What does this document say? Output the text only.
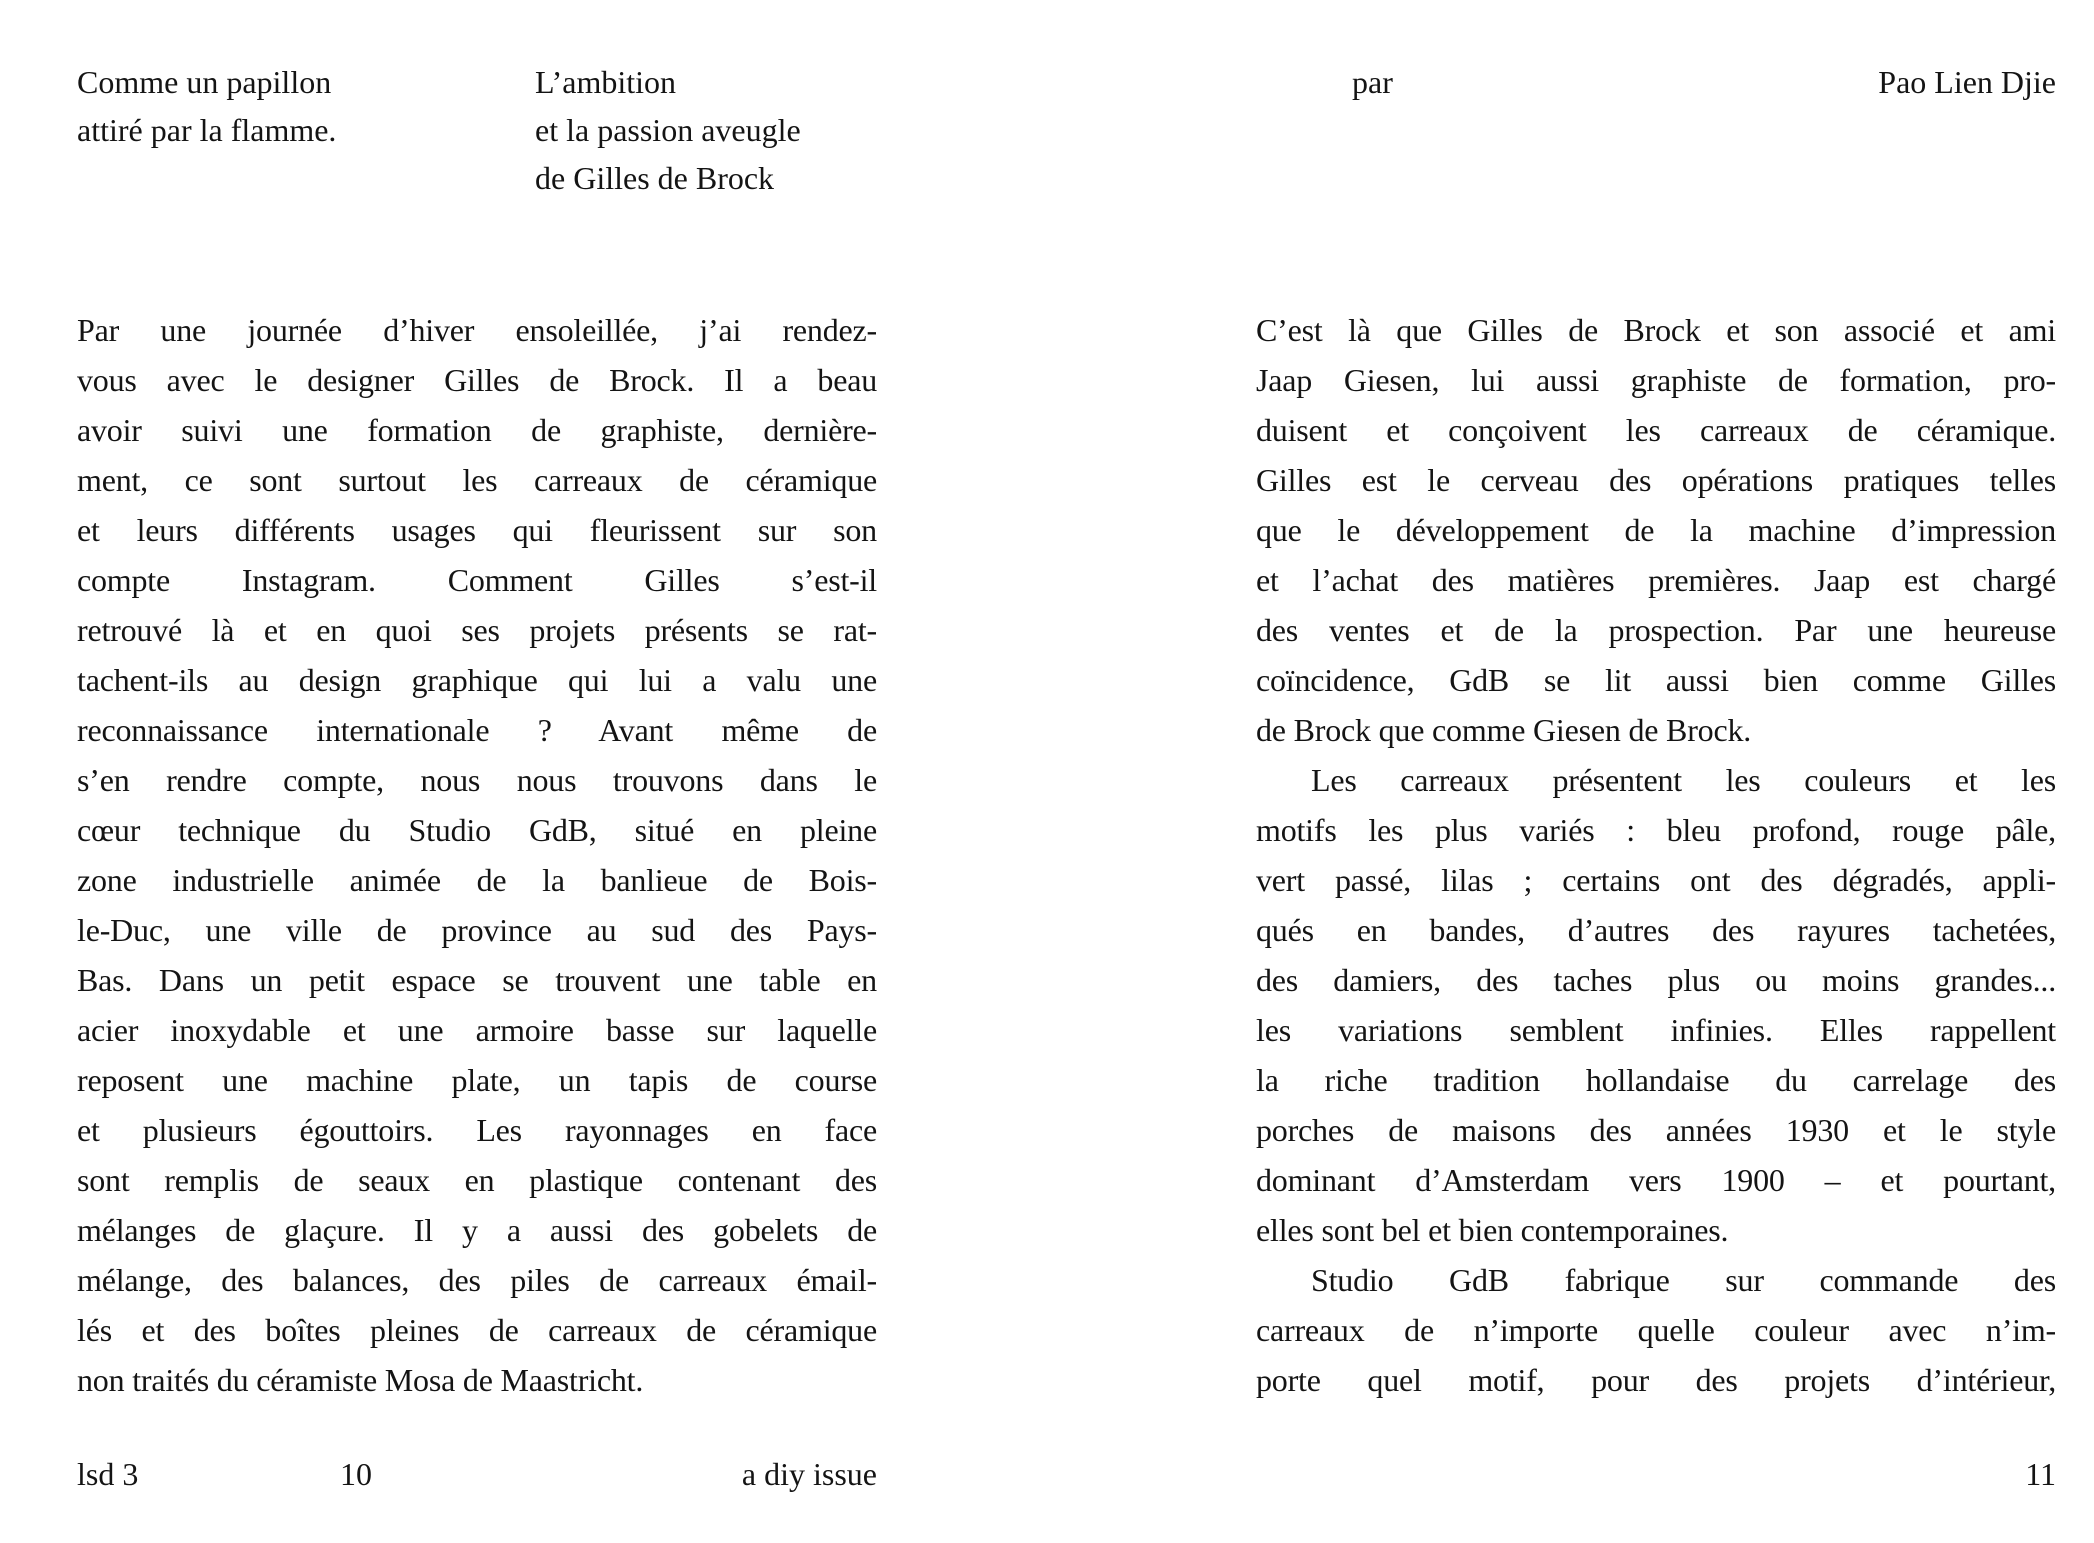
Comme un papillon
attiré par la flamme.
L’ambition
et la passion aveugle
de Gilles de Brock
par	Pao Lien Djie
Par une journée d’hiver ensoleillée, j’ai rendez-
vous avec le designer Gilles de Brock. Il a beau
avoir suivi une formation de graphiste, dernière-
ment, ce sont surtout les carreaux de céramique
et leurs différents usages qui fleurissent sur son
compte Instagram. Comment Gilles s’est-il
retrouvé là et en quoi ses projets présents se rat-
tachent-ils au design graphique qui lui a valu une
reconnaissance internationale ? Avant même de
s’en rendre compte, nous nous trouvons dans le
cœur technique du Studio GdB, situé en pleine
zone industrielle animée de la banlieue de Bois-
le-Duc, une ville de province au sud des Pays-
Bas. Dans un petit espace se trouvent une table en
acier inoxydable et une armoire basse sur laquelle
reposent une machine plate, un tapis de course
et plusieurs égouttoirs. Les rayonnages en face
sont remplis de seaux en plastique contenant des
mélanges de glaçure. Il y a aussi des gobelets de
mélange, des balances, des piles de carreaux émail-
lés et des boîtes pleines de carreaux de céramique
non traités du céramiste Mosa de Maastricht.
C’est là que Gilles de Brock et son associé et ami
Jaap Giesen, lui aussi graphiste de formation, pro-
duisent et conçoivent les carreaux de céramique.
Gilles est le cerveau des opérations pratiques telles
que le développement de la machine d’impression
et l’achat des matières premières. Jaap est chargé
des ventes et de la prospection. Par une heureuse
coïncidence, GdB se lit aussi bien comme Gilles
de Brock que comme Giesen de Brock.
Les carreaux présentent les couleurs et les
motifs les plus variés : bleu profond, rouge pâle,
vert passé, lilas ; certains ont des dégradés, appli-
qués en bandes, d’autres des rayures tachetées,
des damiers, des taches plus ou moins grandes...
les variations semblent infinies. Elles rappellent
la riche tradition hollandaise du carrelage des
porches de maisons des années 1930 et le style
dominant d’Amsterdam vers 1900 – et pourtant,
elles sont bel et bien contemporaines.
Studio GdB fabrique sur commande des
carreaux de n’importe quelle couleur avec n’im-
porte quel motif, pour des projets d’intérieur,
lsd 3	10	a diy issue	11
